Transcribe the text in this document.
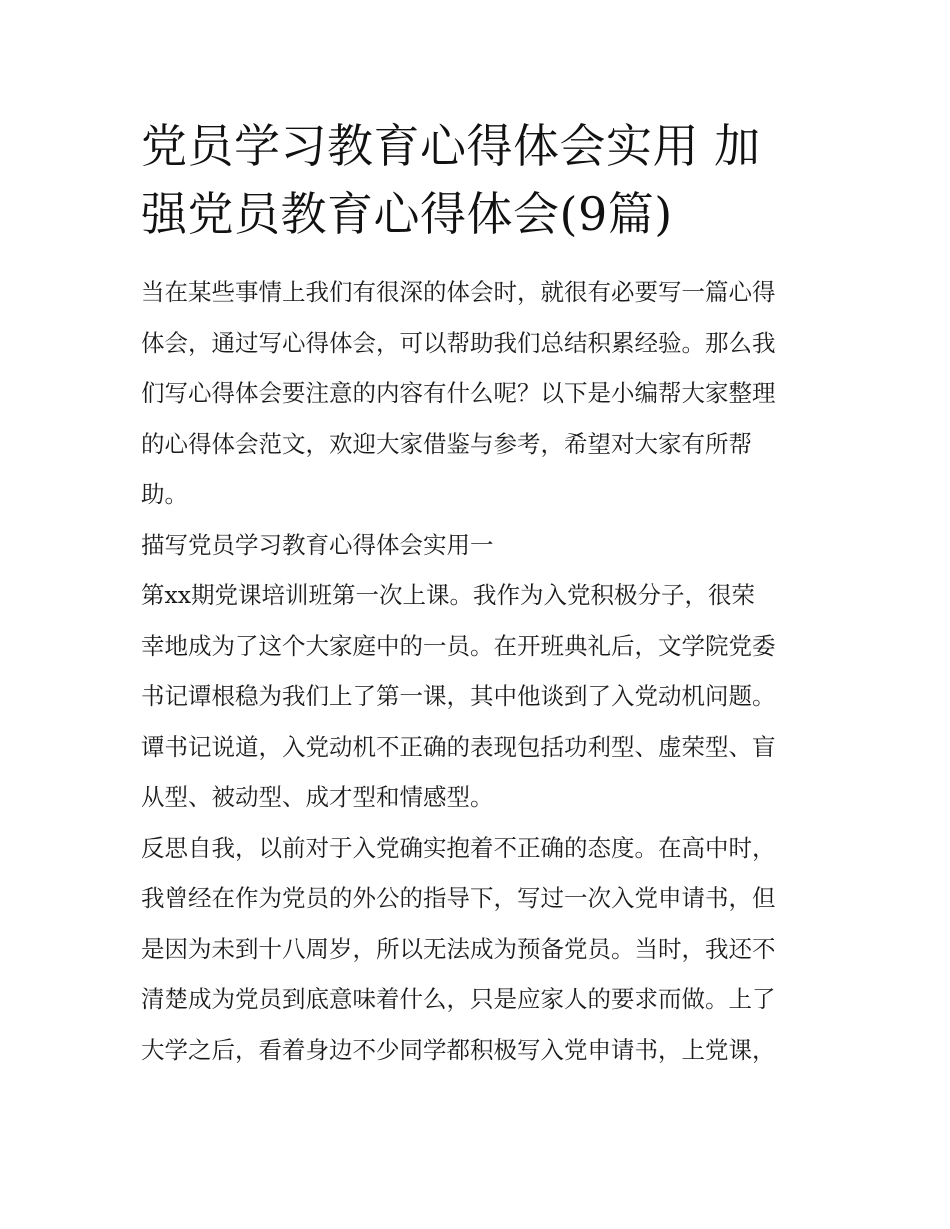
党员学习教育心得体会实用 加
强党员教育心得体会(9篇)

当在某些事情上我们有很深的体会时，就很有必要写一篇心得
体会，通过写心得体会，可以帮助我们总结积累经验。那么我
们写心得体会要注意的内容有什么呢？以下是小编帮大家整理
的心得体会范文，欢迎大家借鉴与参考，希望对大家有所帮
助。

描写党员学习教育心得体会实用一

第xx期党课培训班第一次上课。我作为入党积极分子，很荣
幸地成为了这个大家庭中的一员。在开班典礼后，文学院党委
书记谭根稳为我们上了第一课，其中他谈到了入党动机问题。
谭书记说道，入党动机不正确的表现包括功利型、虚荣型、盲
从型、被动型、成才型和情感型。

反思自我，以前对于入党确实抱着不正确的态度。在高中时，
我曾经在作为党员的外公的指导下，写过一次入党申请书，但
是因为未到十八周岁，所以无法成为预备党员。当时，我还不
清楚成为党员到底意味着什么，只是应家人的要求而做。上了
大学之后，看着身边不少同学都积极写入党申请书，上党课，
